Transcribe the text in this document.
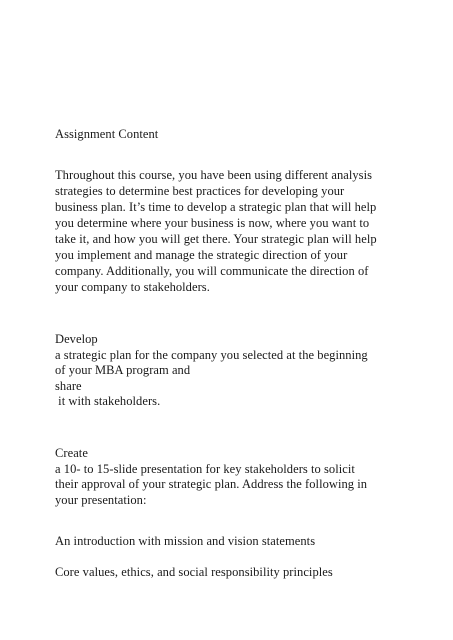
Assignment Content
Throughout this course, you have been using different analysis
strategies to determine best practices for developing your
business plan. It’s time to develop a strategic plan that will help
you determine where your business is now, where you want to
take it, and how you will get there. Your strategic plan will help
you implement and manage the strategic direction of your
company. Additionally, you will communicate the direction of
your company to stakeholders.
Develop
a strategic plan for the company you selected at the beginning
of your MBA program and
share
it with stakeholders.
Create
a 10- to 15-slide presentation for key stakeholders to solicit
their approval of your strategic plan. Address the following in
your presentation:
An introduction with mission and vision statements
Core values, ethics, and social responsibility principles
